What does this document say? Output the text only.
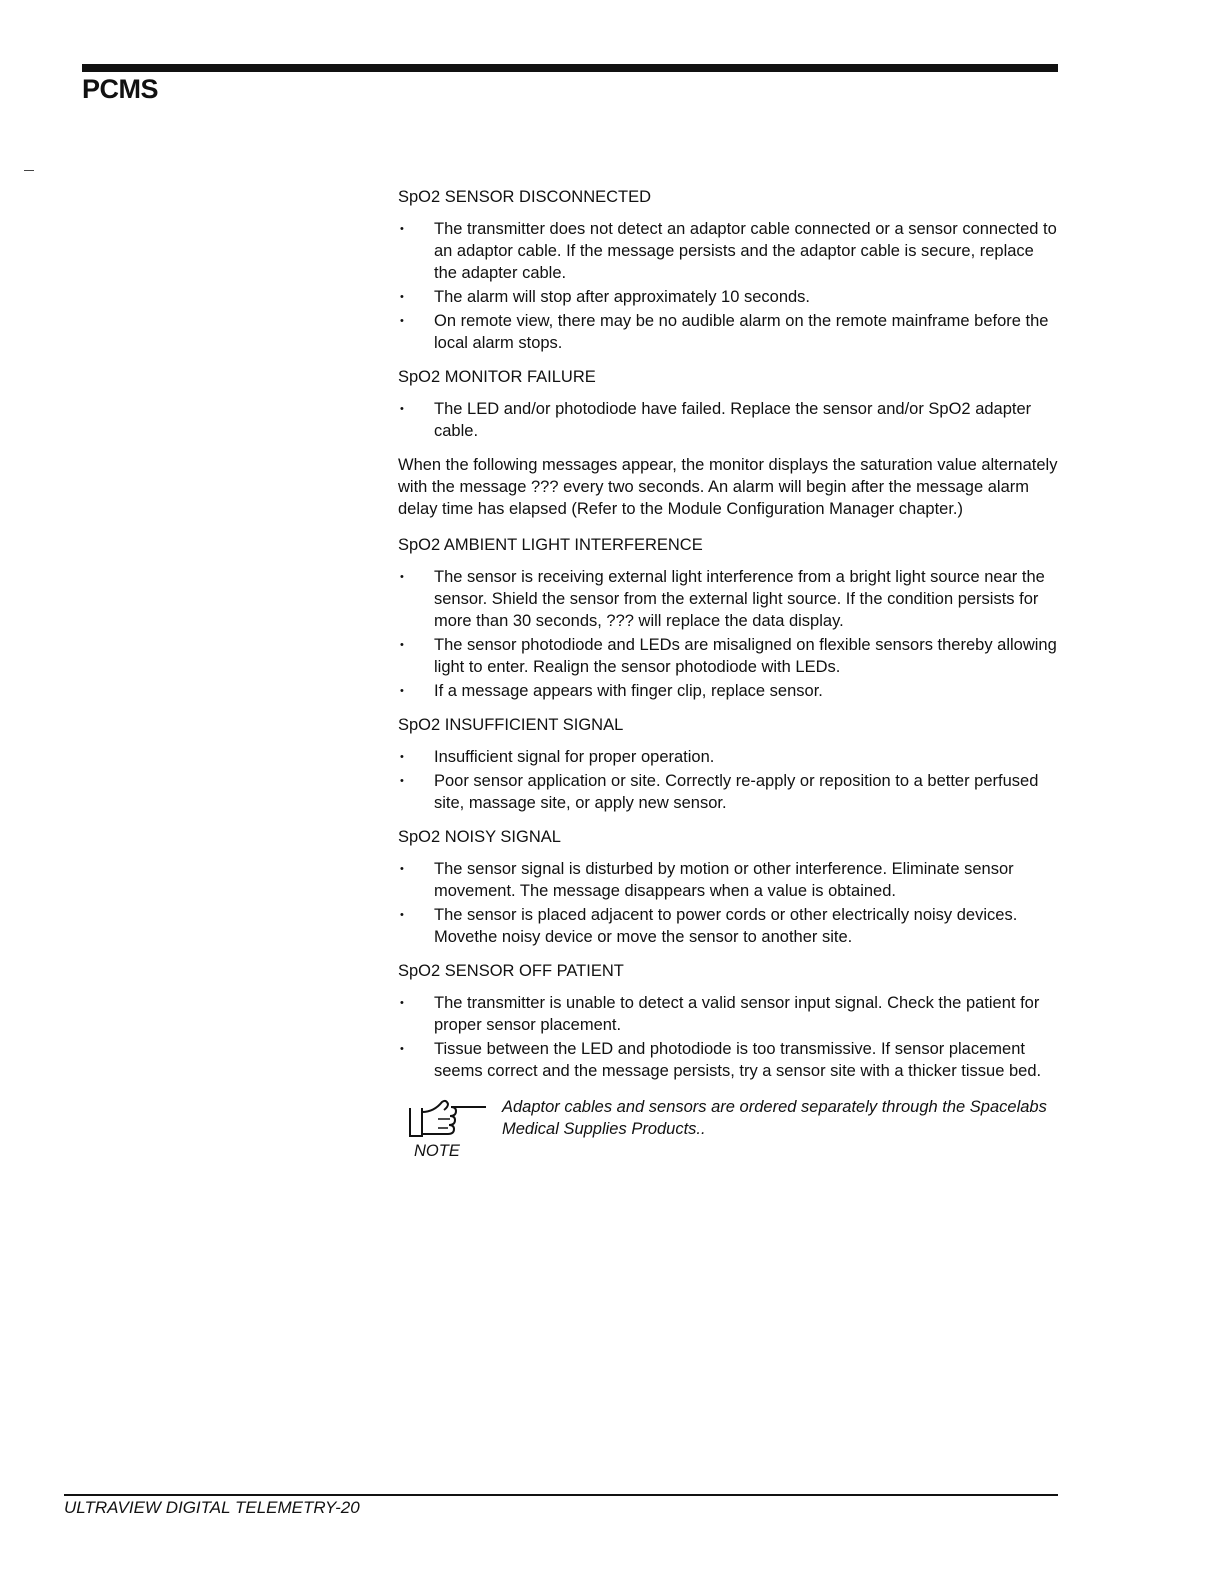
PCMS
SpO2 SENSOR DISCONNECTED
• The transmitter does not detect an adaptor cable connected or a sensor connected to an adaptor cable. If the message persists and the adaptor cable is secure, replace the adapter cable.
• The alarm will stop after approximately 10 seconds.
• On remote view, there may be no audible alarm on the remote mainframe before the local alarm stops.
SpO2 MONITOR FAILURE
• The LED and/or photodiode have failed. Replace the sensor and/or SpO2 adapter cable.

When the following messages appear, the monitor displays the saturation value alternately with the message ??? every two seconds. An alarm will begin after the message alarm delay time has elapsed (Refer to the Module Configuration Manager chapter.)

SpO2 AMBIENT LIGHT INTERFERENCE
• The sensor is receiving external light interference from a bright light source near the sensor. Shield the sensor from the external light source. If the condition persists for more than 30 seconds, ??? will replace the data display.
• The sensor photodiode and LEDs are misaligned on flexible sensors thereby allowing light to enter. Realign the sensor photodiode with LEDs.
• If a message appears with finger clip, replace sensor.
SpO2 INSUFFICIENT SIGNAL
• Insufficient signal for proper operation.
• Poor sensor application or site. Correctly re-apply or reposition to a better perfused site, massage site, or apply new sensor.
SpO2 NOISY SIGNAL
• The sensor signal is disturbed by motion or other interference. Eliminate sensor movement. The message disappears when a value is obtained.
• The sensor is placed adjacent to power cords or other electrically noisy devices. Movethe noisy device or move the sensor to another site.
SpO2 SENSOR OFF PATIENT
• The transmitter is unable to detect a valid sensor input signal. Check the patient for proper sensor placement.
• Tissue between the LED and photodiode is too transmissive. If sensor placement seems correct and the message persists, try a sensor site with a thicker tissue bed.
NOTE
Adaptor cables and sensors are ordered separately through the Spacelabs Medical Supplies Products..
ULTRAVIEW DIGITAL TELEMETRY-20
